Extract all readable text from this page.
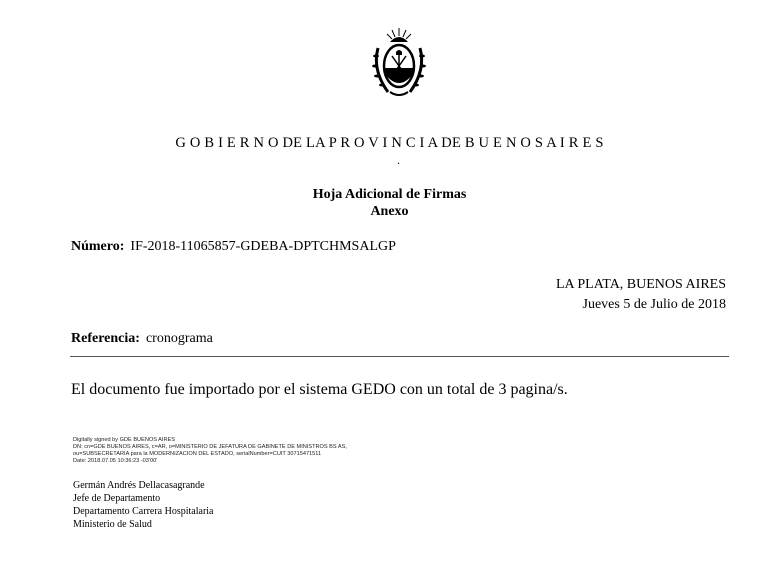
G O B I E R N O DE LA P R O V I N C I A DE B U E N O S A I R E S
.
Hoja Adicional de Firmas
Anexo
Número: IF-2018-11065857-GDEBA-DPTCHMSALGP
LA PLATA, BUENOS AIRES
Jueves 5 de Julio de 2018
Referencia: cronograma
El documento fue importado por el sistema GEDO con un total de 3 pagina/s.
Digitally signed by GDE BUENOS AIRES
DN: cn=GDE BUENOS AIRES, c=AR, o=MINISTERIO DE JEFATURA DE GABINETE DE MINISTROS BS AS,
ou=SUBSECRETARIA para la MODERNIZACION DEL ESTADO, serialNumber=CUIT 30715471511
Date: 2018.07.05 10:36:23 -03'00'
Germán Andrés Dellacasagrande
Jefe de Departamento
Departamento Carrera Hospitalaria
Ministerio de Salud
